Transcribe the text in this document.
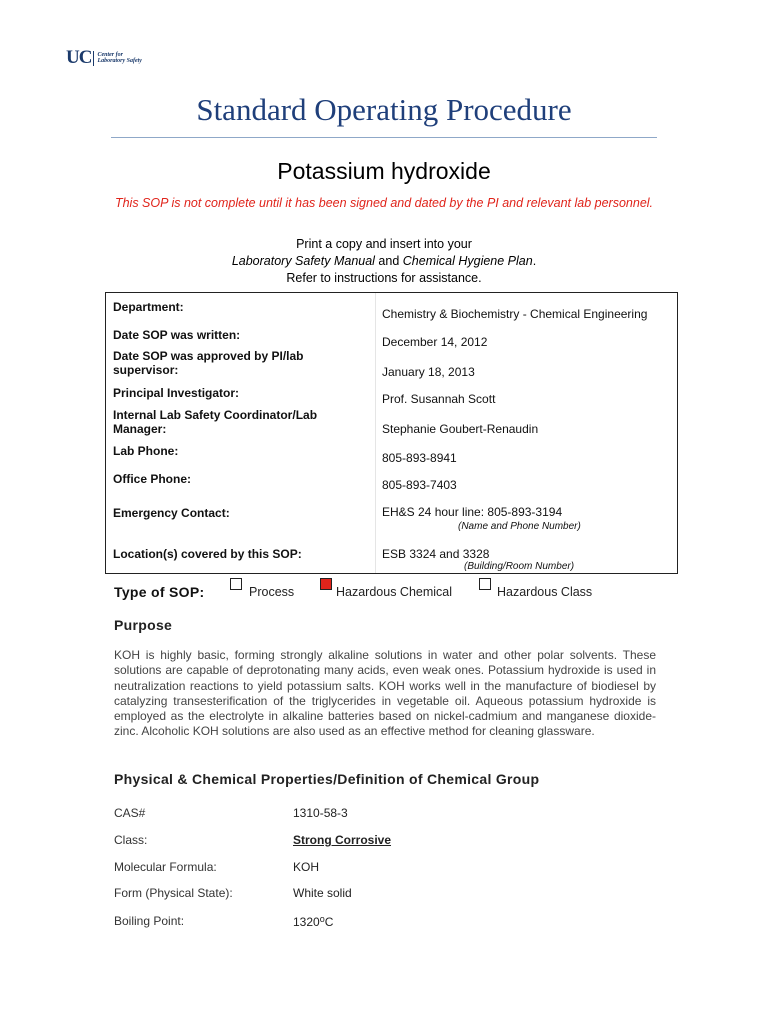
UC Center for
Laboratory Safety
Standard Operating Procedure
Potassium hydroxide
This SOP is not complete until it has been signed and dated by the PI and relevant lab personnel.
Print a copy and insert into your
Laboratory Safety Manual and Chemical Hygiene Plan.
Refer to instructions for assistance.
Department:	Chemistry & Biochemistry - Chemical Engineering
Date SOP was written:	December 14, 2012
Date SOP was approved by PI/lab supervisor:	January 18, 2013
Principal Investigator:	Prof. Susannah Scott
Internal Lab Safety Coordinator/Lab Manager:	Stephanie Goubert-Renaudin
Lab Phone:	805-893-8941
Office Phone:	805-893-7403
Emergency Contact:	EH&S 24 hour line: 805-893-3194
(Name and Phone Number)
Location(s) covered by this SOP:	ESB 3324 and 3328
(Building/Room Number)
Type of SOP:	Process	Hazardous Chemical	Hazardous Class
Purpose

KOH is highly basic, forming strongly alkaline solutions in water and other polar solvents. These solutions are capable of deprotonating many acids, even weak ones. Potassium hydroxide is used in neutralization reactions to yield potassium salts. KOH works well in the manufacture of biodiesel by catalyzing transesterification of the triglycerides in vegetable oil. Aqueous potassium hydroxide is employed as the electrolyte in alkaline batteries based on nickel-cadmium and manganese dioxide-zinc. Alcoholic KOH solutions are also used as an effective method for cleaning glassware.

Physical & Chemical Properties/Definition of Chemical Group
CAS#	1310-58-3
Class:	Strong Corrosive
Molecular Formula:	KOH
Form (Physical State):	White solid
Boiling Point:	1320$^o$C
